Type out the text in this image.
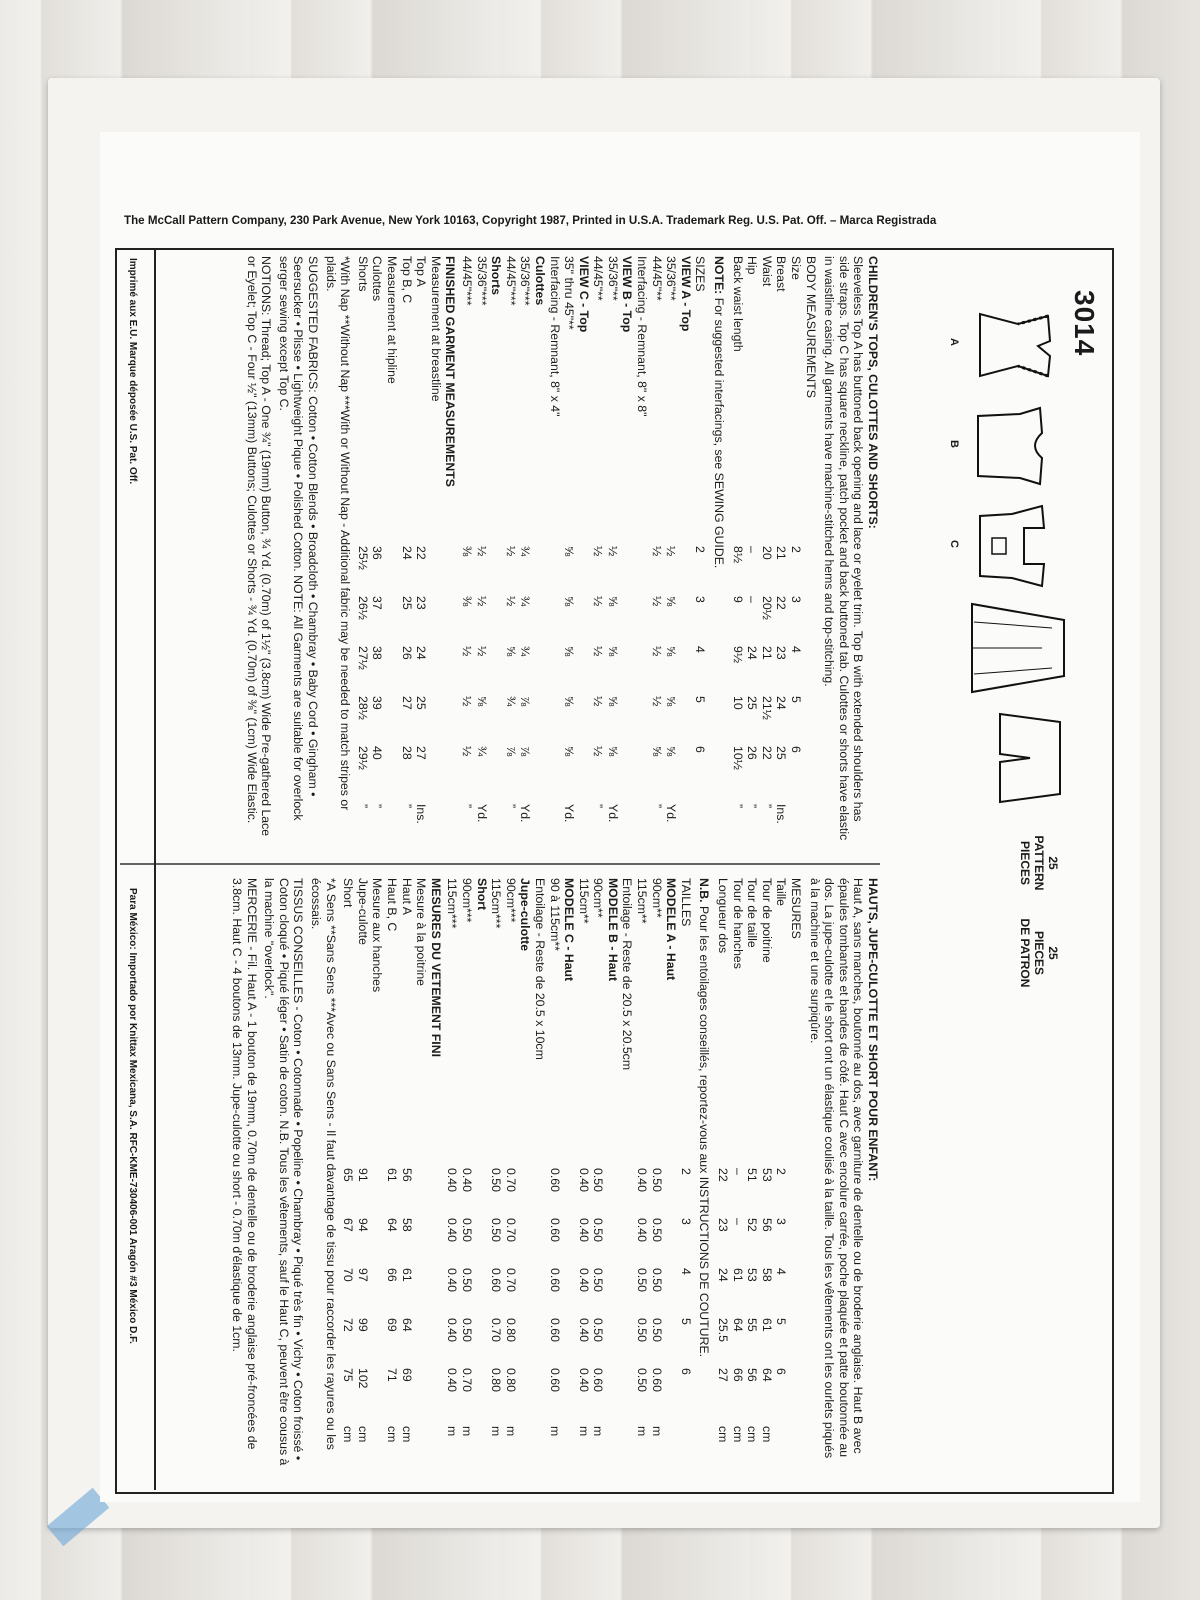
The McCall Pattern Company, 230 Park Avenue, New York 10163, Copyright 1987, Printed in U.S.A. Trademark Reg. U.S. Pat. Off. – Marca Registrada
3014
A
B
C
25
PATTERN
PIECES
25
PIECES
DE PATRON
CHILDREN'S TOPS, CULOTTES AND SHORTS:
Sleeveless Top A has buttoned back opening and lace or eyelet trim. Top B with extended shoulders has side straps. Top C has square neckline, patch pocket and back buttoned tab. Culottes or shorts have elastic in waistline casing. All garments have machine-stitched hems and top-stitching.
BODY MEASUREMENTS
Size
2
3
4
5
6
Breast
21
22
23
24
25
Ins.
Waist
20
20½
21
21½
22
”
Hip
–
–
24
25
26
”
Back waist length
8½
9
9½
10
10½
”
NOTE: For suggested interfacings, see SEWING GUIDE.
SIZES
2
3
4
5
6
VIEW A - Top
35/36"**
½
⅝
⅝
⅝
⅝
Yd.
44/45"**
½
½
½
½
⅝
”
Interfacing - Remnant, 8" x 8"
VIEW B - Top
35/36"**
½
⅝
⅝
⅝
⅝
Yd.
44/45"**
½
½
½
½
½
”
VIEW C - Top
35" thru 45"**
⅝
⅝
⅝
⅝
⅝
Yd.
Interfacing - Remnant, 8" x 4"
Culottes
35/36"***
¾
¾
¾
⅞
⅞
Yd.
44/45"***
½
½
⅝
¾
⅞
”
Shorts
35/36"***
½
½
½
⅝
¾
Yd.
44/45"***
⅜
⅜
½
½
½
”
FINISHED GARMENT MEASUREMENTS
Measurement at breastline
Top A
22
23
24
25
27
Ins.
Top B, C
24
25
26
27
28
”
Measurement at hipline
Culottes
36
37
38
39
40
”
Shorts
25½
26½
27½
28½
29½
”
*With Nap **Without Nap ***With or Without Nap - Additional fabric may be needed to match stripes or plaids.
SUGGESTED FABRICS: Cotton • Cotton Blends • Broadcloth • Chambray • Baby Cord • Gingham • Seersucker • Plisse • Lightweight Pique • Polished Cotton. NOTE: All Garments are suitable for overlock serger sewing except Top C.
NOTIONS: Thread; Top A - One ¾" (19mm) Button, ¾ Yd. (0.70m) of 1½" (3.8cm) Wide Pre-gathered Lace or Eyelet; Top C - Four ½" (13mm) Buttons; Culottes or Shorts - ¾ Yd. (0.70m) of ⅜" (1cm) Wide Elastic.
HAUTS, JUPE-CULOTTE ET SHORT POUR ENFANT:
Haut A, sans manches, boutonné au dos, avec garniture de dentelle ou de broderie anglaise. Haut B avec épaules tombantes et bandes de côté. Haut C avec encolure carrée, poche plaquée et patte boutonnée au dos. La jupe-culotte et le short ont un élastique coulisé à la taille. Tous les vêtements ont les ourlets piqués à la machine et une surpiqûre.
MESURES
Taille
2
3
4
5
6
Tour de poitrine
53
56
58
61
64
cm
Tour de taille
51
52
53
55
56
cm
Tour de hanches
–
–
61
64
66
cm
Longueur dos
22
23
24
25.5
27
cm
N.B. Pour les entoilages conseillés, reportez-vous aux INSTRUCTIONS DE COUTURE.
TAILLES
2
3
4
5
6
MODELE A - Haut
90cm**
0.50
0.50
0.50
0.50
0.60
m
115cm**
0.40
0.40
0.50
0.50
0.50
m
Entoilage - Reste de 20.5 x 20.5cm
MODELE B - Haut
90cm**
0.50
0.50
0.50
0.50
0.60
m
115cm**
0.40
0.40
0.40
0.40
0.40
m
MODELE C - Haut
90 à 115cm**
0.60
0.60
0.60
0.60
0.60
m
Entoilage - Reste de 20.5 x 10cm
Jupe-culotte
90cm***
0.70
0.70
0.70
0.80
0.80
m
115cm***
0.50
0.50
0.60
0.70
0.80
m
Short
90cm***
0.40
0.50
0.50
0.50
0.70
m
115cm***
0.40
0.40
0.40
0.40
0.40
m
MESURES DU VETEMENT FINI
Mesure à la poitrine
Haut A
56
58
61
64
69
cm
Haut B, C
61
64
66
69
71
cm
Mesure aux hanches
Jupe-culotte
91
94
97
99
102
cm
Short
65
67
70
72
75
cm
*A Sens **Sans Sens ***Avec ou Sans Sens - Il faut davantage de tissu pour raccorder les rayures ou les écossais.
TISSUS CONSEILLES - Coton • Cotonnade • Popeline • Chambray • Piqué très fin • Vichy • Coton froissé • Coton cloqué • Piqué léger • Satin de coton. N.B. Tous les vêtements, sauf le Haut C, peuvent être cousus à la machine "overlock".
MERCERIE - Fil. Haut A - 1 bouton de 19mm, 0.70m de dentelle ou de broderie anglaise pré-froncées de 3.8cm. Haut C - 4 boutons de 13mm. Jupe-culotte ou short - 0.70m d'élastique de 1cm.
Imprimé aux E.U. Marque déposée U.S. Pat. Off.
Para México: Importado por Knittax Mexicana, S.A. RFC-KME-730406-001 Aragón #3 México D.F.
